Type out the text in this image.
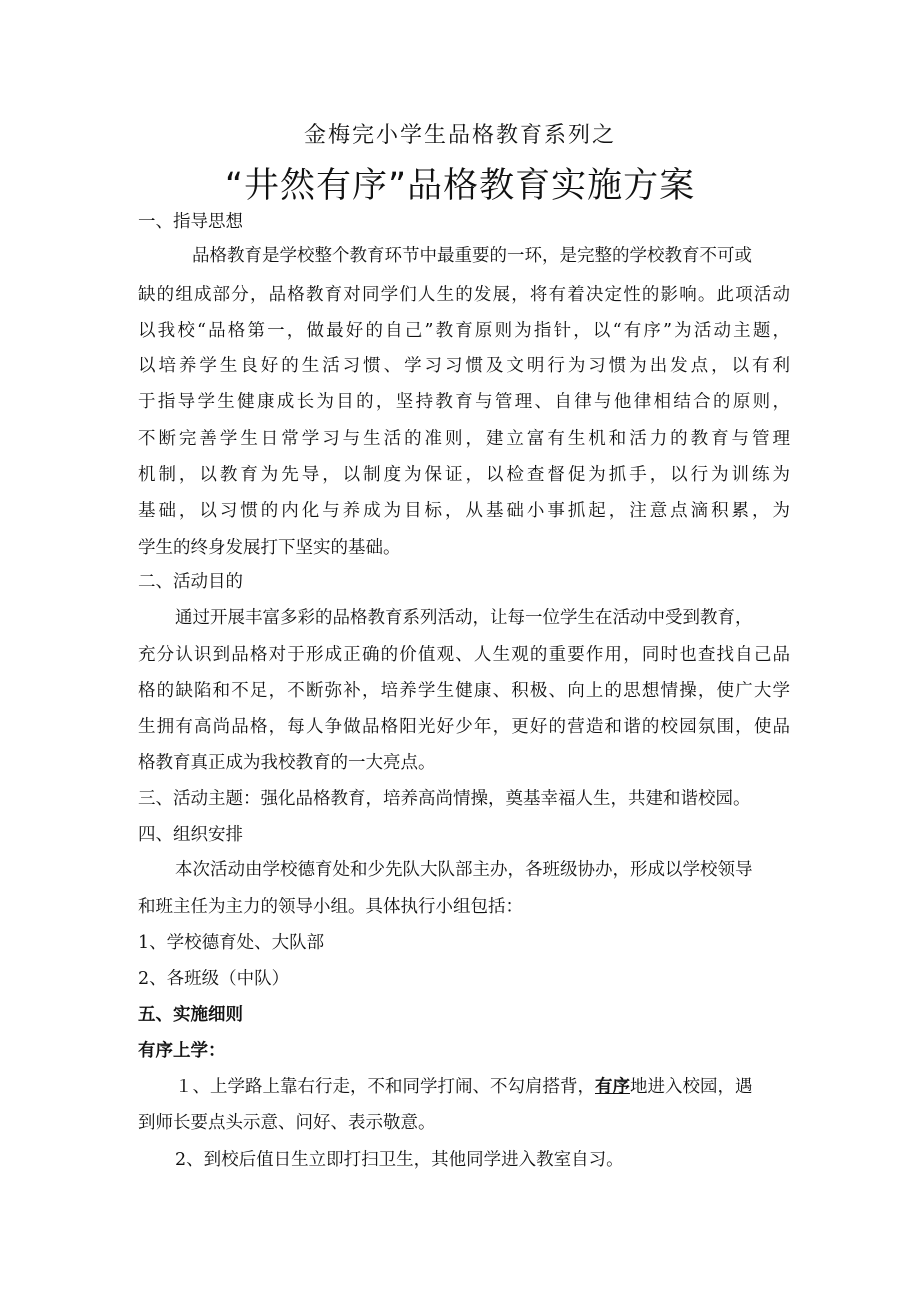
金梅完小学生品格教育系列之
“井然有序”品格教育实施方案
一、指导思想
品格教育是学校整个教育环节中最重要的一环，是完整的学校教育不可或
缺的组成部分，品格教育对同学们人生的发展，将有着决定性的影响。此项活动
以我校“品格第一，做最好的自己”教育原则为指针，以“有序”为活动主题，
以培养学生良好的生活习惯、学习习惯及文明行为习惯为出发点，以有利
于指导学生健康成长为目的，坚持教育与管理、自律与他律相结合的原则，
不断完善学生日常学习与生活的准则，建立富有生机和活力的教育与管理
机制，以教育为先导，以制度为保证，以检查督促为抓手，以行为训练为
基础，以习惯的内化与养成为目标，从基础小事抓起，注意点滴积累，为
学生的终身发展打下坚实的基础。
二、活动目的
通过开展丰富多彩的品格教育系列活动，让每一位学生在活动中受到教育，
充分认识到品格对于形成正确的价值观、人生观的重要作用，同时也查找自己品
格的缺陷和不足，不断弥补，培养学生健康、积极、向上的思想情操，使广大学
生拥有高尚品格，每人争做品格阳光好少年，更好的营造和谐的校园氛围，使品
格教育真正成为我校教育的一大亮点。
三、活动主题：强化品格教育，培养高尚情操，奠基幸福人生，共建和谐校园。
四、组织安排
本次活动由学校德育处和少先队大队部主办，各班级协办，形成以学校领导
和班主任为主力的领导小组。具体执行小组包括：
1、学校德育处、大队部
2、各班级（中队）
五、实施细则
有序上学：
１、上学路上靠右行走，不和同学打闹、不勾肩搭背，有序地进入校园，遇
到师长要点头示意、问好、表示敬意。
2、到校后值日生立即打扫卫生，其他同学进入教室自习。
